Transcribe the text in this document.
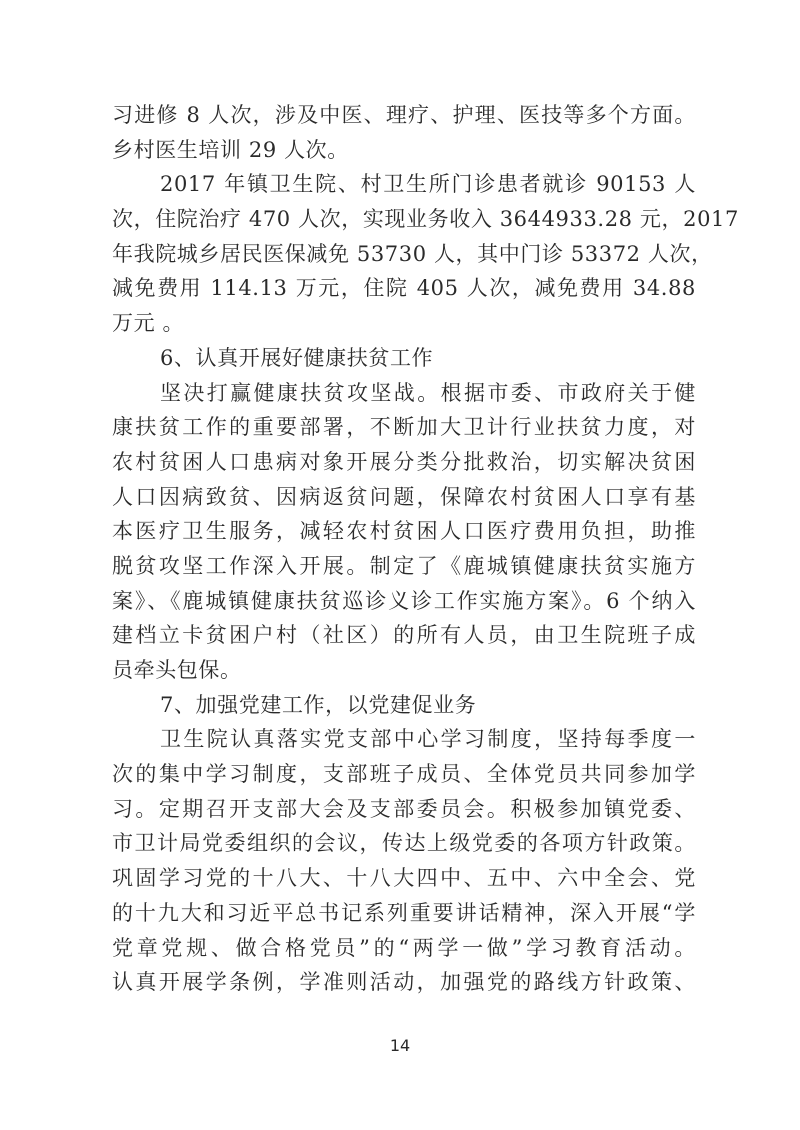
习进修 8 人次，涉及中医、理疗、护理、医技等多个方面。
乡村医生培训 29 人次。
2017 年镇卫生院、村卫生所门诊患者就诊 90153 人
次，住院治疗 470 人次，实现业务收入 3644933.28 元，2017
年我院城乡居民医保减免 53730 人，其中门诊 53372 人次，
减免费用 114.13 万元，住院 405 人次，减免费用 34.88
万元 。
6、认真开展好健康扶贫工作
坚决打赢健康扶贫攻坚战。根据市委、市政府关于健
康扶贫工作的重要部署，不断加大卫计行业扶贫力度，对
农村贫困人口患病对象开展分类分批救治，切实解决贫困
人口因病致贫、因病返贫问题，保障农村贫困人口享有基
本医疗卫生服务，减轻农村贫困人口医疗费用负担，助推
脱贫攻坚工作深入开展。制定了《鹿城镇健康扶贫实施方
案》、《鹿城镇健康扶贫巡诊义诊工作实施方案》。6 个纳入
建档立卡贫困户村（社区）的所有人员，由卫生院班子成
员牵头包保。
7、加强党建工作，以党建促业务
卫生院认真落实党支部中心学习制度，坚持每季度一
次的集中学习制度，支部班子成员、全体党员共同参加学
习。定期召开支部大会及支部委员会。积极参加镇党委、
市卫计局党委组织的会议，传达上级党委的各项方针政策。
巩固学习党的十八大、十八大四中、五中、六中全会、党
的十九大和习近平总书记系列重要讲话精神，深入开展“学
党章党规、做合格党员”的“两学一做”学习教育活动。
认真开展学条例，学准则活动，加强党的路线方针政策、
14
